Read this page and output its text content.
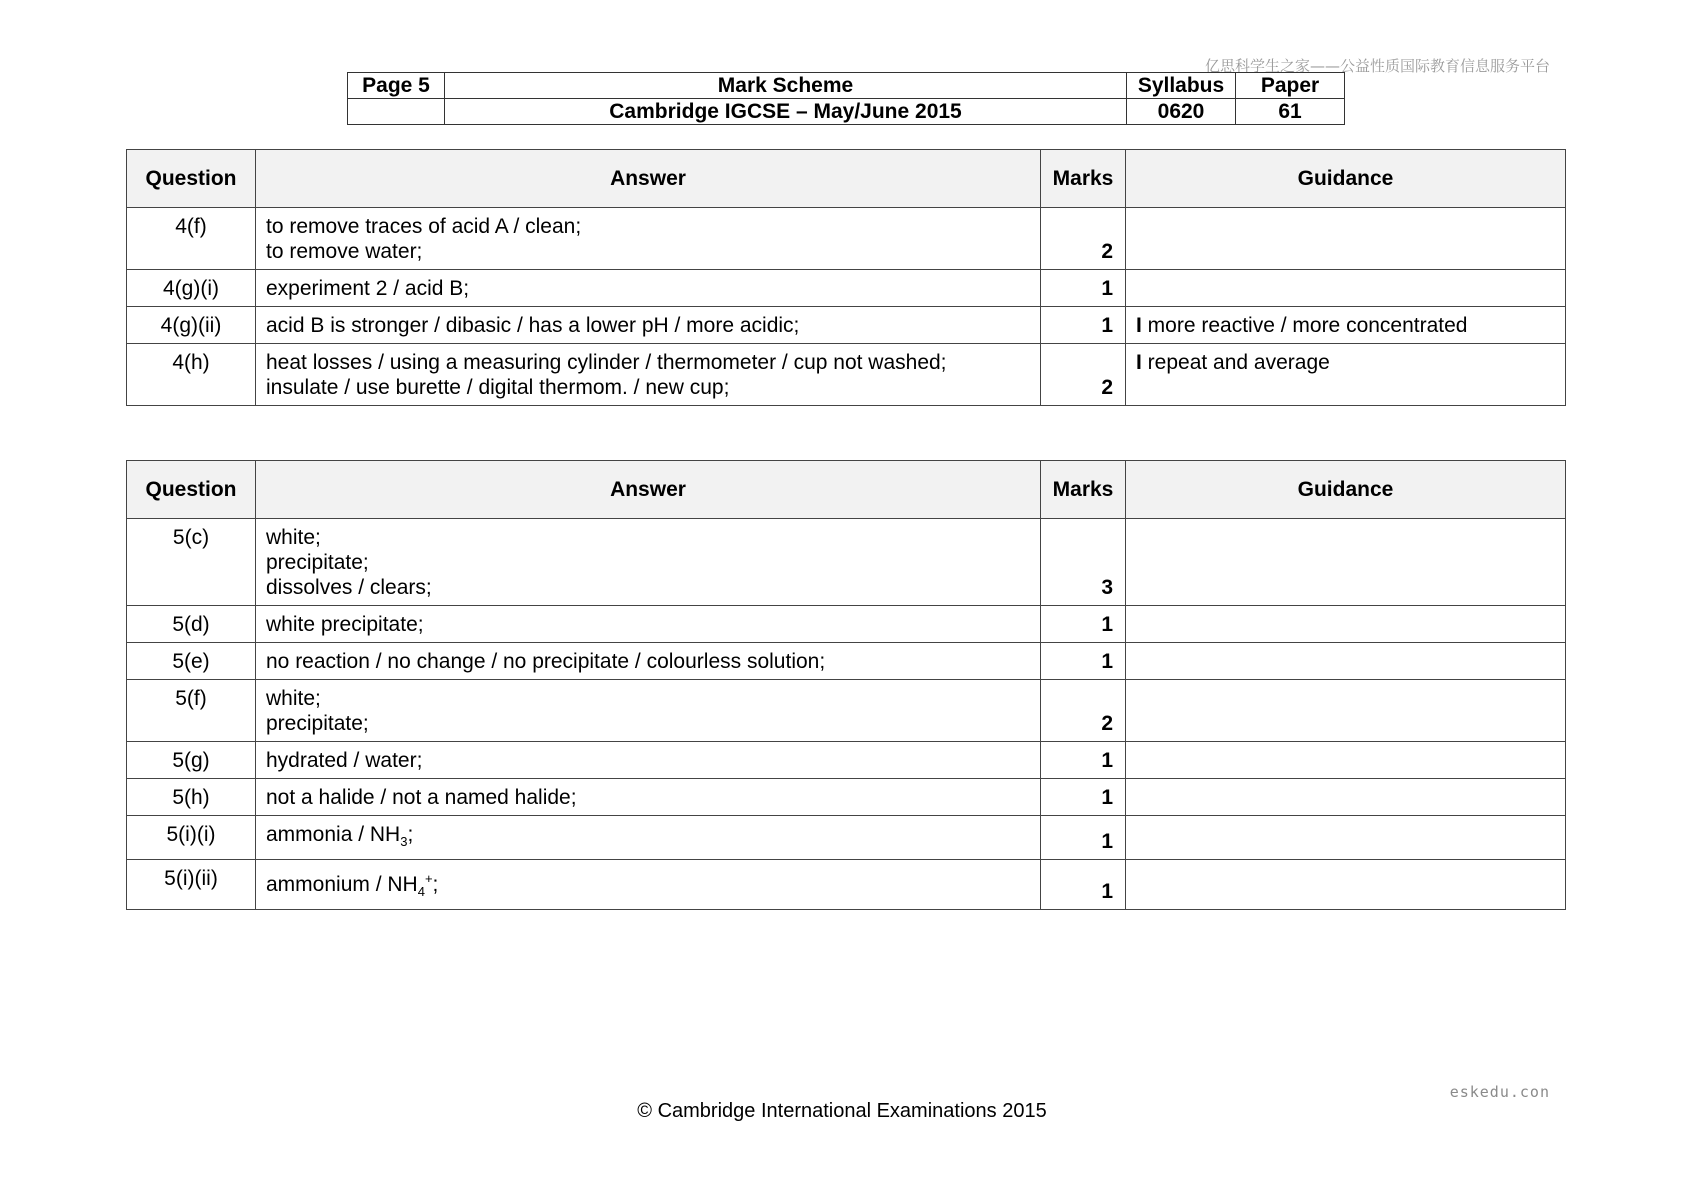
亿思科学生之家——公益性质国际教育信息服务平台
Page 5	Mark Scheme	Syllabus	Paper
	Cambridge IGCSE – May/June 2015	0620	61
Question	Answer	Marks	Guidance
4(f)	to remove traces of acid A / clean;
to remove water;	2	
4(g)(i)	experiment 2 / acid B;	1	
4(g)(ii)	acid B is stronger / dibasic / has a lower pH / more acidic;	1	I more reactive / more concentrated
4(h)	heat losses / using a measuring cylinder / thermometer / cup not washed;
insulate / use burette / digital thermom. / new cup;	2	I repeat and average
Question	Answer	Marks	Guidance
5(c)	white;
precipitate;
dissolves / clears;	3	
5(d)	white precipitate;	1	
5(e)	no reaction / no change / no precipitate / colourless solution;	1	
5(f)	white;
precipitate;	2	
5(g)	hydrated / water;	1	
5(h)	not a halide / not a named halide;	1	
5(i)(i)	ammonia / $NH_3$;	1	
5(i)(ii)	ammonium / $NH_4^+$;	1	
eskedu.con
© Cambridge International Examinations 2015
